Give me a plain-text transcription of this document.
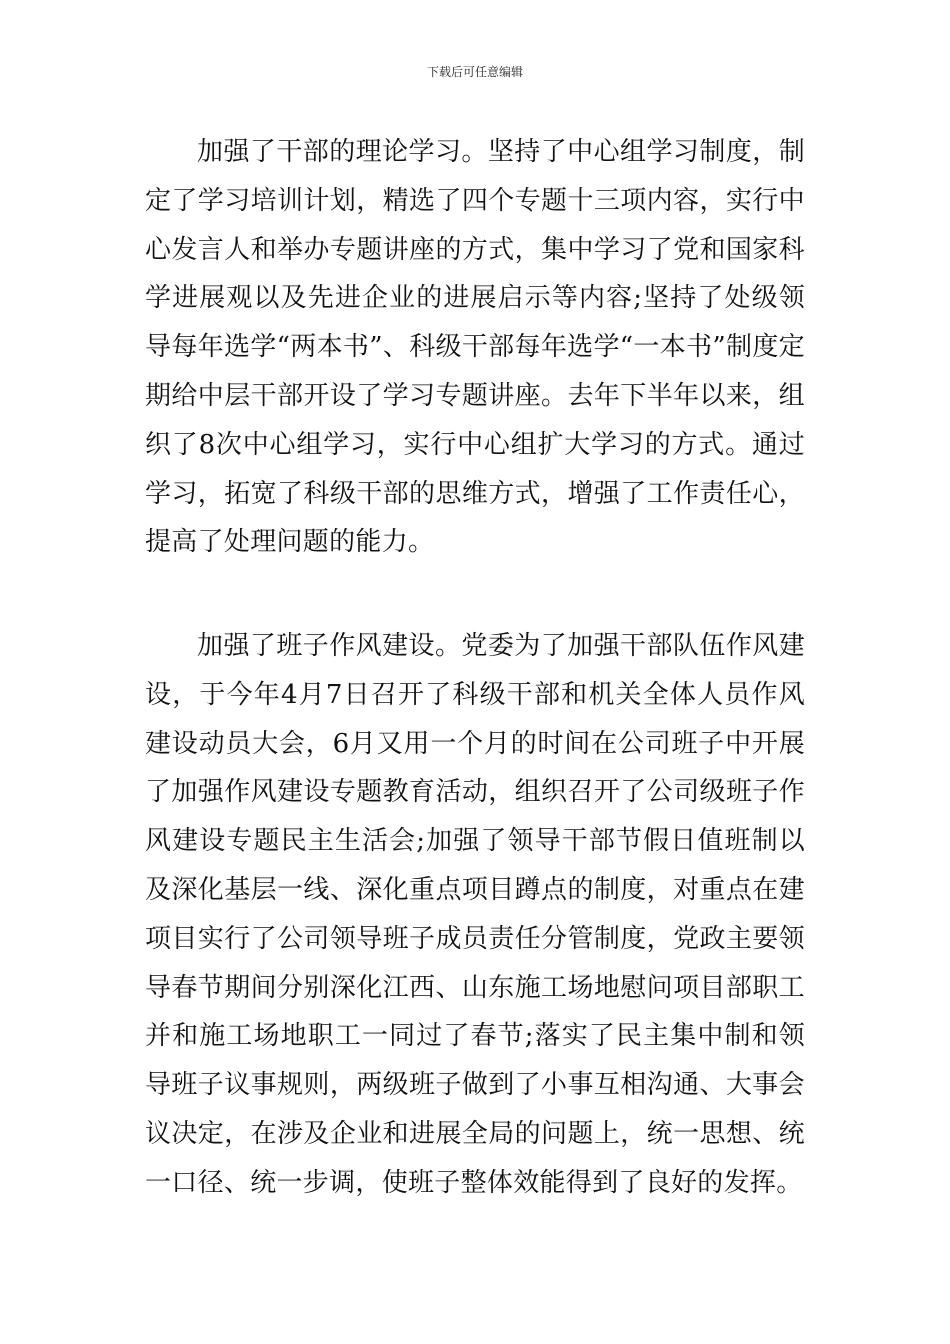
下载后可任意编辑

加强了干部的理论学习。坚持了中心组学习制度，制定了学习培训计划，精选了四个专题十三项内容，实行中心发言人和举办专题讲座的方式，集中学习了党和国家科学进展观以及先进企业的进展启示等内容;坚持了处级领导每年选学“两本书”、科级干部每年选学“一本书”制度定期给中层干部开设了学习专题讲座。去年下半年以来，组织了8次中心组学习，实行中心组扩大学习的方式。通过学习，拓宽了科级干部的思维方式，增强了工作责任心，提高了处理问题的能力。

加强了班子作风建设。党委为了加强干部队伍作风建设，于今年4月7日召开了科级干部和机关全体人员作风建设动员大会，6月又用一个月的时间在公司班子中开展了加强作风建设专题教育活动，组织召开了公司级班子作风建设专题民主生活会;加强了领导干部节假日值班制以及深化基层一线、深化重点项目蹲点的制度，对重点在建项目实行了公司领导班子成员责任分管制度，党政主要领导春节期间分别深化江西、山东施工场地慰问项目部职工并和施工场地职工一同过了春节;落实了民主集中制和领导班子议事规则，两级班子做到了小事互相沟通、大事会议决定，在涉及企业和进展全局的问题上，统一思想、统一口径、统一步调，使班子整体效能得到了良好的发挥。
